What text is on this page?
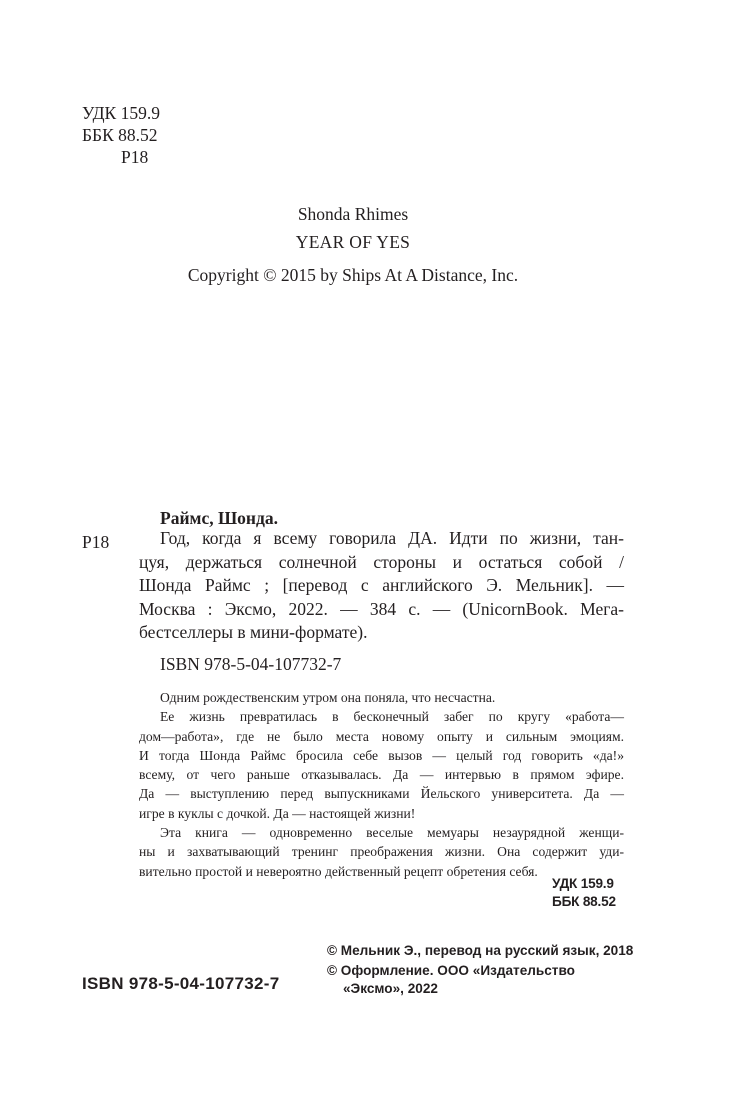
УДК 159.9
ББК 88.52
Р18
Shonda Rhimes
YEAR OF YES
Copyright © 2015 by Ships At A Distance, Inc.
Раймс, Шонда.
Р18	Год, когда я всему говорила ДА. Идти по жизни, тан-
цуя, держаться солнечной стороны и остаться собой /
Шонда Раймс ; [перевод с английского Э. Мельник]. —
Москва : Эксмо, 2022. — 384 с. — (UnicornBook. Мега-
бестселлеры в мини-формате).
ISBN 978-5-04-107732-7
Одним рождественским утром она поняла, что несчастна.
Ее жизнь превратилась в бесконечный забег по кругу «работа—
дом—работа», где не было места новому опыту и сильным эмоциям.
И тогда Шонда Раймс бросила себе вызов — целый год говорить «да!»
всему, от чего раньше отказывалась. Да — интервью в прямом эфире.
Да — выступлению перед выпускниками Йельского университета. Да —
игре в куклы с дочкой. Да — настоящей жизни!
Эта книга — одновременно веселые мемуары незаурядной женщи-
ны и захватывающий тренинг преображения жизни. Она содержит уди-
вительно простой и невероятно действенный рецепт обретения себя.
УДК 159.9
ББК 88.52
© Мельник Э., перевод на русский язык, 2018
© Оформление. ООО «Издательство
«Эксмо», 2022
ISBN 978-5-04-107732-7
